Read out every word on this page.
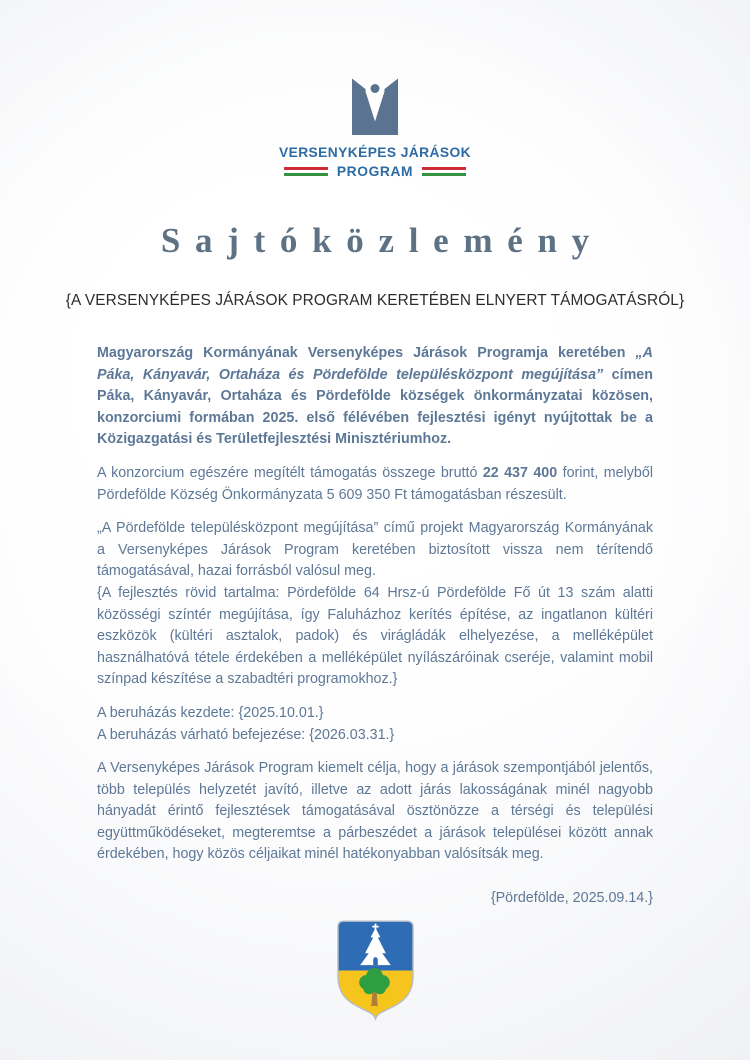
VERSENYKÉPES JÁRÁSOK
PROGRAM
Sajtóközlemény
{A VERSENYKÉPES JÁRÁSOK PROGRAM KERETÉBEN ELNYERT TÁMOGATÁSRÓL}

Magyarország Kormányának Versenyképes Járások Programja keretében „A Páka, Kányavár, Ortaháza és Pördefölde településközpont megújítása” címen Páka, Kányavár, Ortaháza és Pördefölde községek önkormányzatai közösen, konzorciumi formában 2025. első félévében fejlesztési igényt nyújtottak be a Közigazgatási és Területfejlesztési Minisztériumhoz.

A konzorcium egészére megítélt támogatás összege bruttó 22 437 400 forint, melyből Pördefölde Község Önkormányzata 5 609 350 Ft támogatásban részesült.

„A Pördefölde településközpont megújítása” című projekt Magyarország Kormányának a Versenyképes Járások Program keretében biztosított vissza nem térítendő támogatásával, hazai forrásból valósul meg.
{A fejlesztés rövid tartalma: Pördefölde 64 Hrsz-ú Pördefölde Fő út 13 szám alatti közösségi színtér megújítása, így Faluházhoz kerítés építése, az ingatlanon kültéri eszközök (kültéri asztalok, padok) és virágládák elhelyezése, a melléképület használhatóvá tétele érdekében a melléképület nyílászáróinak cseréje, valamint mobil színpad készítése a szabadtéri programokhoz.}

A beruházás kezdete: {2025.10.01.}
A beruházás várható befejezése: {2026.03.31.}

A Versenyképes Járások Program kiemelt célja, hogy a járások szempontjából jelentős, több település helyzetét javító, illetve az adott járás lakosságának minél nagyobb hányadát érintő fejlesztések támogatásával ösztönözze a térségi és települési együttműködéseket, megteremtse a párbeszédet a járások települései között annak érdekében, hogy közös céljaikat minél hatékonyabban valósítsák meg.

{Pördefölde, 2025.09.14.}
